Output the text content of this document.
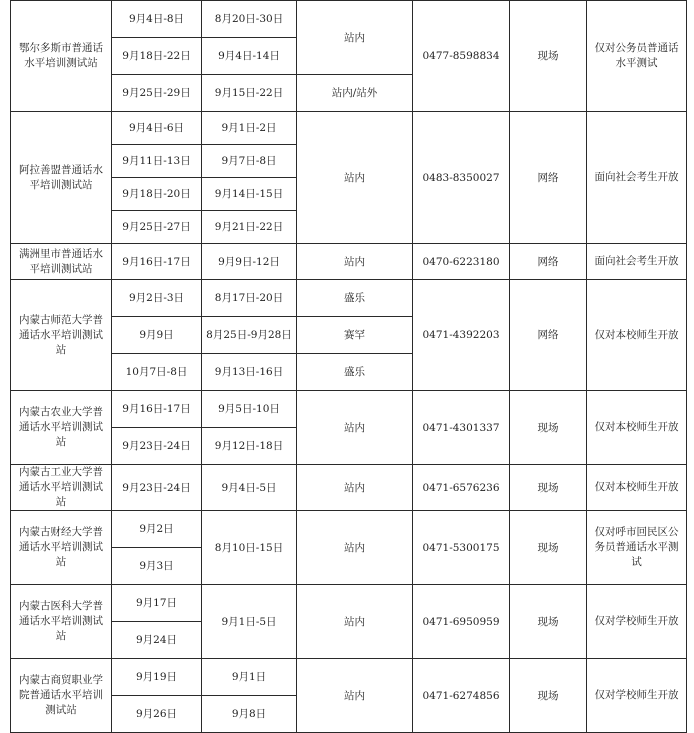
鄂尔多斯市普通话水平培训测试站	9月4日-8日	8月20日-30日	站内	0477-8598834	现场	仅对公务员普通话水平测试
	9月18日-22日	9月4日-14日				
	9月25日-29日	9月15日-22日	站内/站外			
阿拉善盟普通话水平培训测试站	9月4日-6日	9月1日-2日	站内	0483-8350027	网络	面向社会考生开放
	9月11日-13日	9月7日-8日				
	9月18日-20日	9月14日-15日				
	9月25日-27日	9月21日-22日				
满洲里市普通话水平培训测试站	9月16日-17日	9月9日-12日	站内	0470-6223180	网络	面向社会考生开放
内蒙古师范大学普通话水平培训测试站	9月2日-3日	8月17日-20日	盛乐	0471-4392203	网络	仅对本校师生开放
	9月9日	8月25日-9月28日	赛罕			
	10月7日-8日	9月13日-16日	盛乐			
内蒙古农业大学普通话水平培训测试站	9月16日-17日	9月5日-10日	站内	0471-4301337	现场	仅对本校师生开放
	9月23日-24日	9月12日-18日				
内蒙古工业大学普通话水平培训测试站	9月23日-24日	9月4日-5日	站内	0471-6576236	现场	仅对本校师生开放
内蒙古财经大学普通话水平培训测试站	9月2日	8月10日-15日	站内	0471-5300175	现场	仅对呼市回民区公务员普通话水平测试
	9月3日					
内蒙古医科大学普通话水平培训测试站	9月17日	9月1日-5日	站内	0471-6950959	现场	仅对学校师生开放
	9月24日					
内蒙古商贸职业学院普通话水平培训测试站	9月19日	9月1日	站内	0471-6274856	现场	仅对学校师生开放
	9月26日	9月8日				
